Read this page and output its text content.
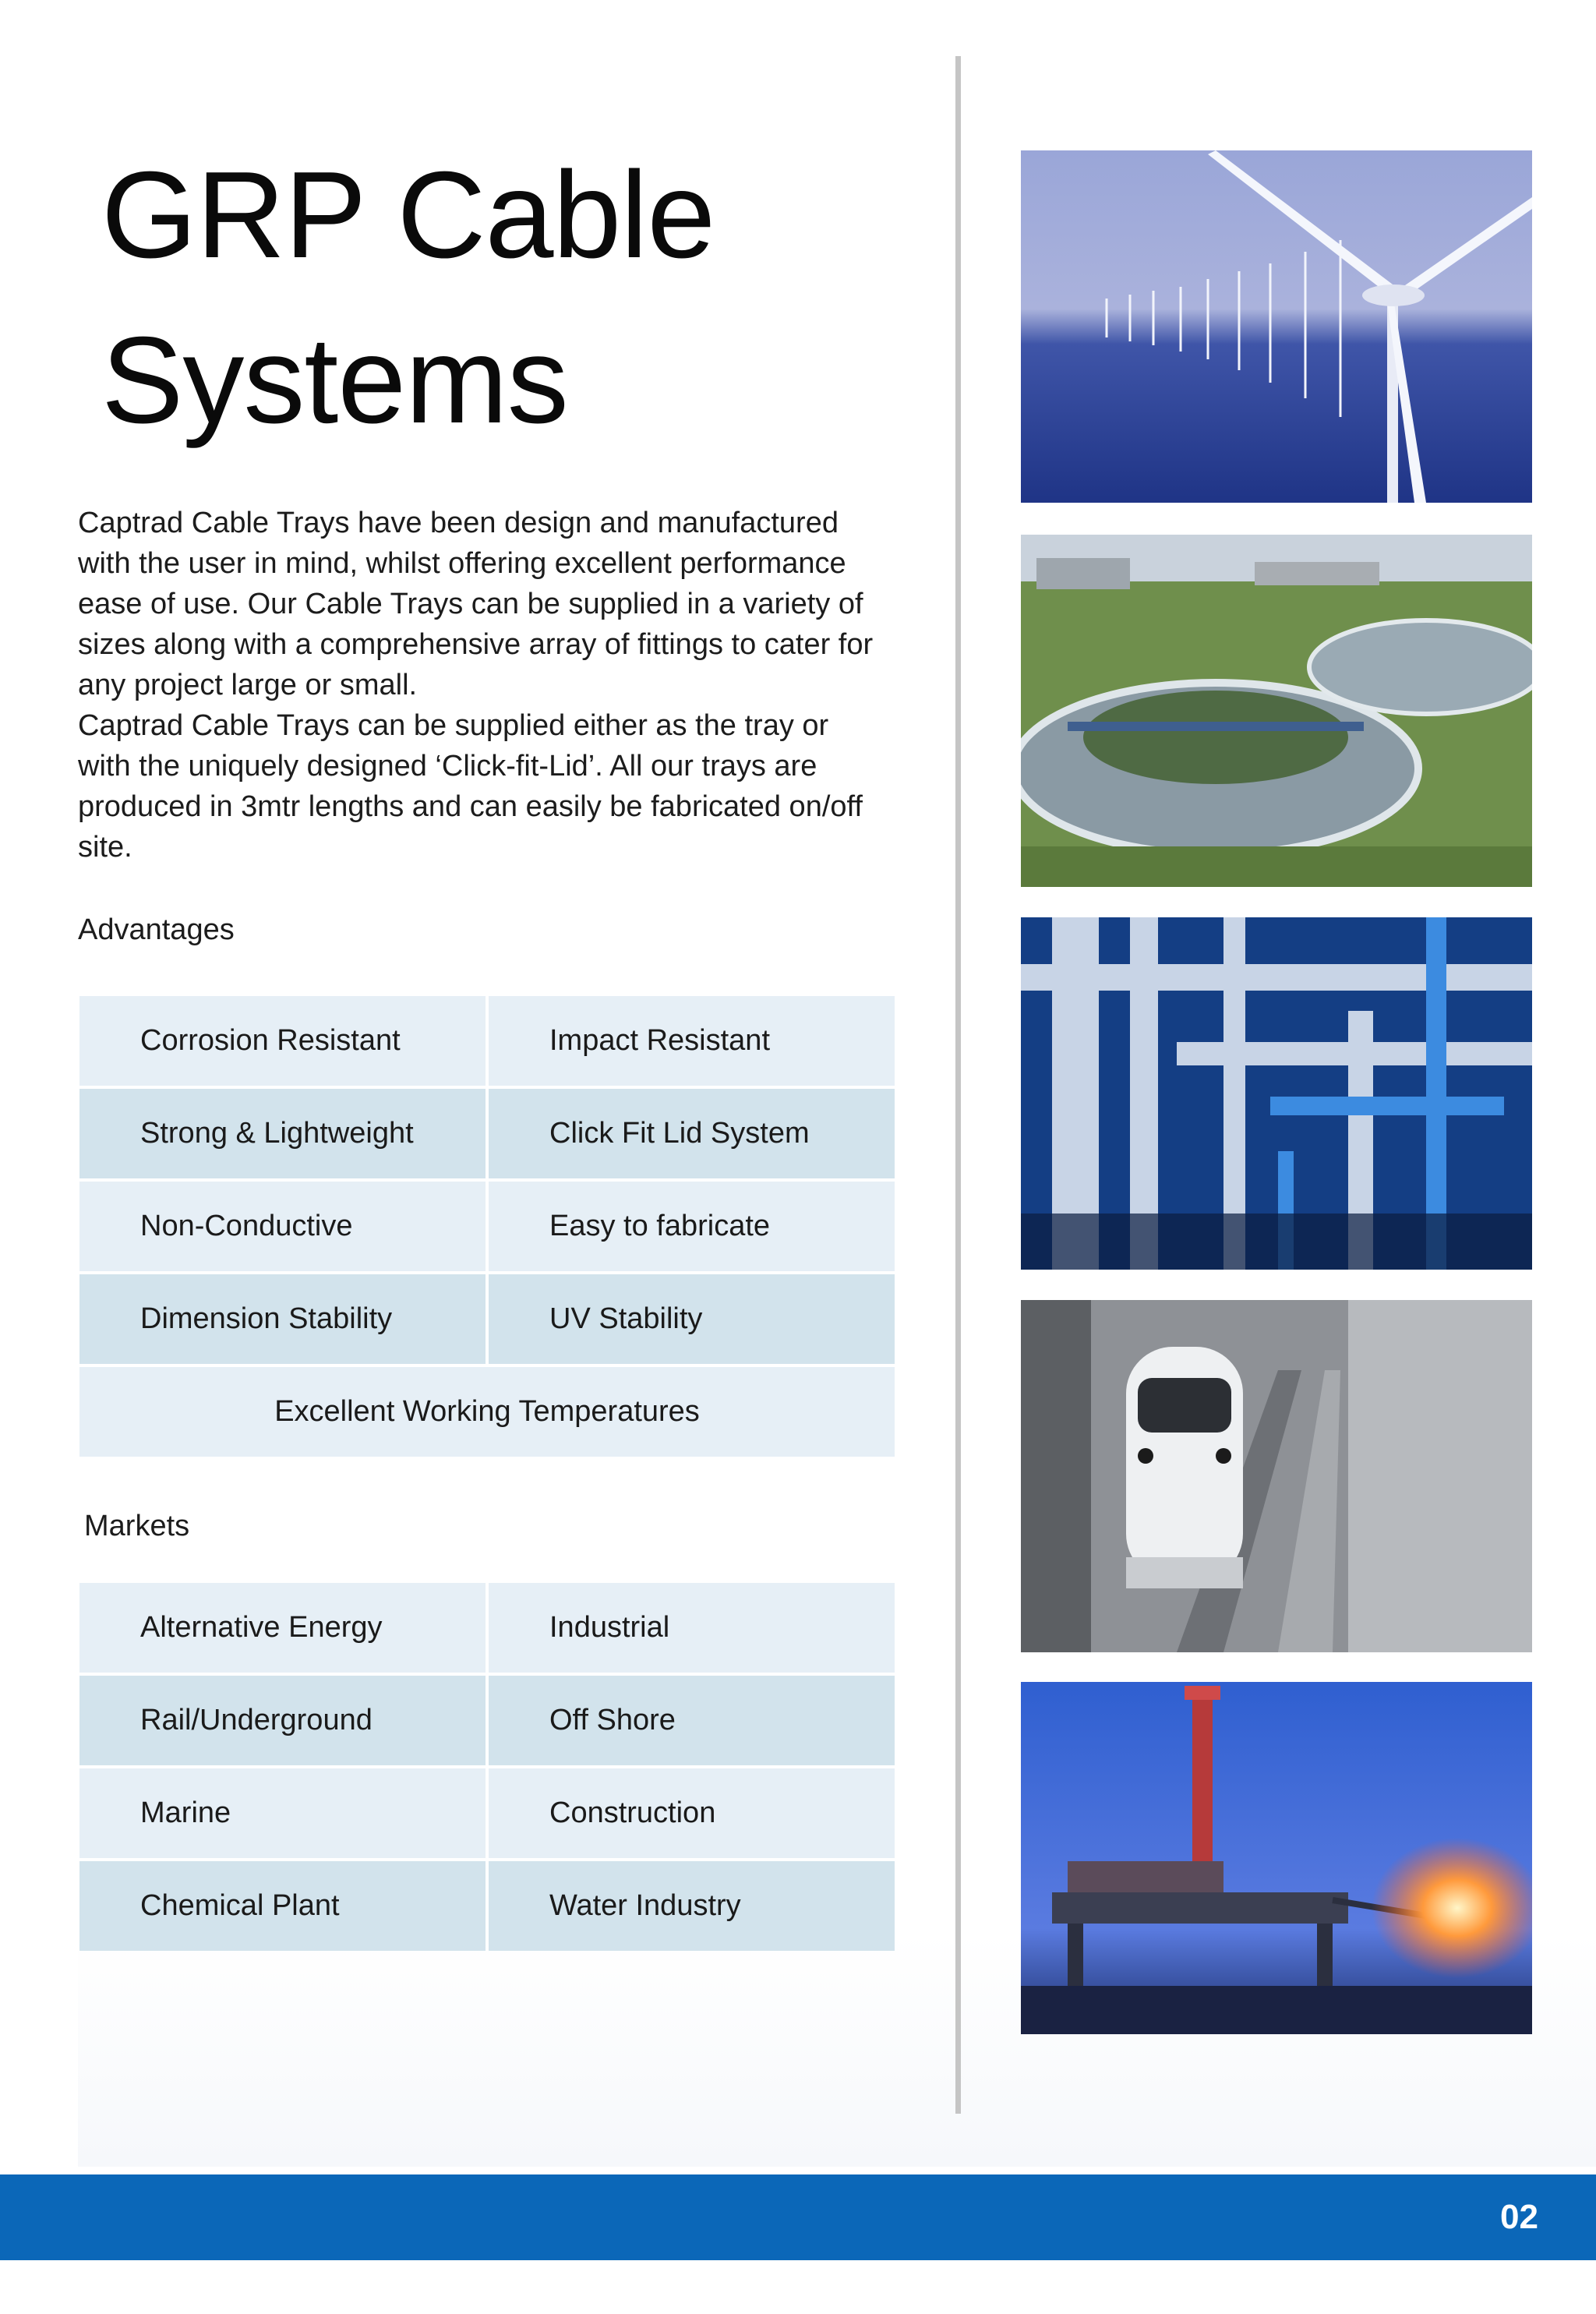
GRP Cable
Systems

Captrad Cable Trays have been design and manufactured with the user in mind, whilst offering excellent performance ease of use. Our Cable Trays can be supplied in a variety of sizes along with a comprehensive array of fittings to cater for any project large or small.

Captrad Cable Trays can be supplied either as the tray or with the uniquely designed ‘Click-fit-Lid’. All our trays are produced in 3mtr lengths and can easily be fabricated on/off site.

Advantages
Corrosion Resistant	Impact Resistant
Strong & Lightweight	Click Fit Lid System
Non-Conductive	Easy to fabricate
Dimension Stability	UV Stability
Excellent Working Temperatures
Markets
Alternative Energy	Industrial
Rail/Underground	Off Shore
Marine	Construction
Chemical Plant	Water Industry
02
